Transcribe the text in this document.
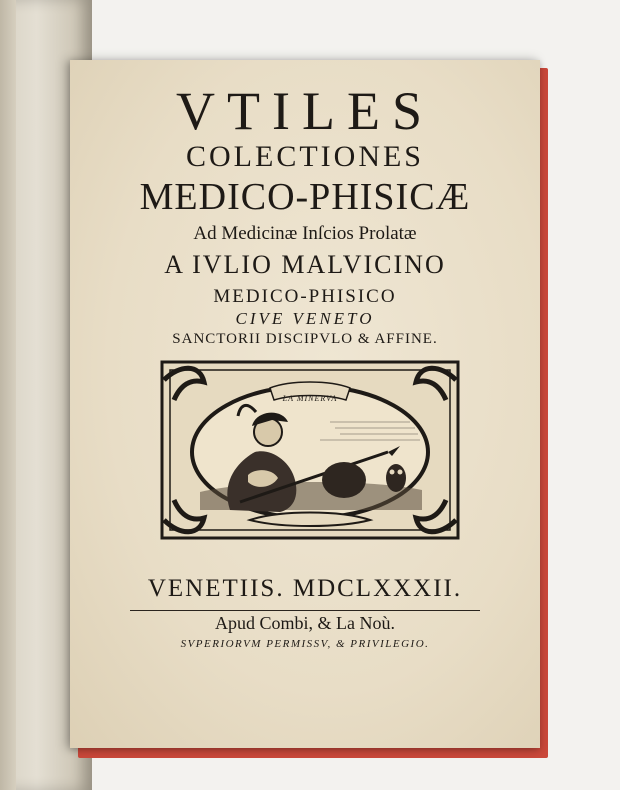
VTILES
COLECTIONES
MEDICO-PHISICÆ
Ad Medicinæ Inſcios Prolatæ
A IVLIO MALVICINO
MEDICO-PHISICO
CIVE VENETO
SANCTORII DISCIPVLO & AFFINE.
LA MINERVA
VENETIIS. MDCLXXXII.
Apud Combi, & La Noù.
SVPERIORVM PERMISSV, & PRIVILEGIO.
